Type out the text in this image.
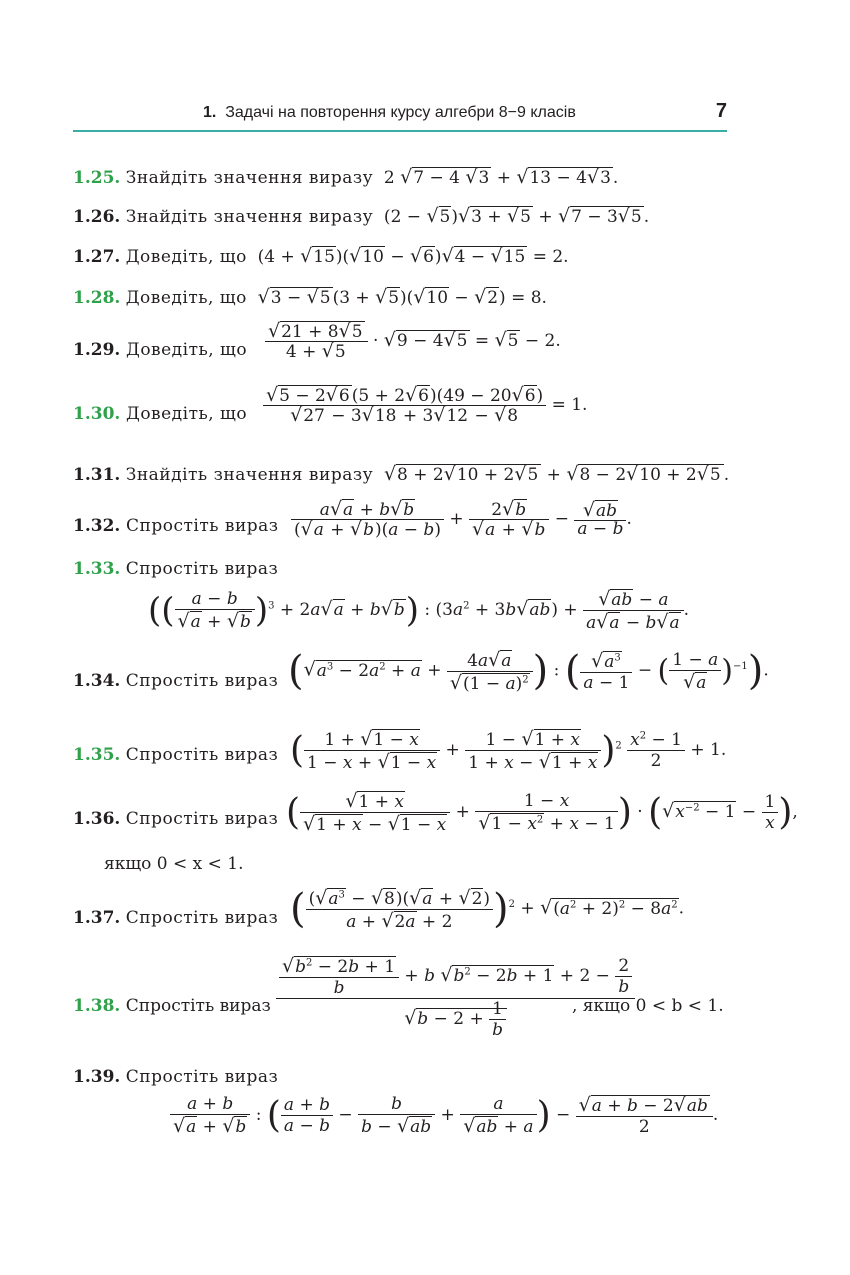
1. Задачі на повторення курсу алгебри 8−9 класів	7
1.25. Знайдіть значення виразу  2 √7 − 4 √3 + √13 − 4√3 .
1.26. Знайдіть значення виразу  (2 − √5)√3 + √5 + √7 − 3√5 .
1.27. Доведіть, що  (4 + √15)(√10 − √6)√4 − √15 = 2.
1.28. Доведіть, що √3 − √5 (3 + √5)(√10 − √2) = 8.
1.29. Доведіть, що $\frac{√21 + 8√5}{4 + √5} \cdot √9 - 4√5 = √5 - 2$.
1.30. Доведіть, що $\frac{√5 - 2√6 (5 + 2√6)(49 - 20√6)}{√27 - 3√18 + 3√12 - √8} = 1$.
1.31. Знайдіть значення виразу √8 + 2√10 + 2√5 + √8 − 2√10 + 2√5 .
1.32. Спростіть вираз $\frac{a√a + b√b}{(√a + √b)(a - b)} + \frac{2√b}{√a + √b} - \frac{√ab}{a - b}$ .
1.33. Спростіть вираз
(( $\frac{a - b}{√a + √b} )^3 + 2a√a + b√b$) : $(3a^2 + 3b√ab) + \frac{√ab - a}{a√a - b√a}$ .
1.34. Спростіть вираз ($√a^3 - 2a^2 + a + \frac{4a√a}{√(1 - a)^2}$ ) : ( $\frac{√a^3}{a - 1}$ − ( $\frac{1 - a}{√a} )^{-1}$).
1.35. Спростіть вираз ( $\frac{1 + √1 - x}{1 - x + √1 - x} + \frac{1 - √1 + x}{1 + x - √1 + x} )^2 \frac{x^2 - 1}{2} + 1$.
1.36. Спростіть вираз ( $\frac{√1 + x}{√1 + x - √1 - x} + \frac{1 - x}{√1 - x^2 + x - 1}$ ) · ($√x^{-2} - 1 - \frac{1}{x}$ ),
якщо 0 < x < 1.
1.37. Спростіть вираз ( $\frac{(√a^3 - √8)(√a + √2)}{a + √2a + 2} )^2 + √(a^2 + 2)^2 - 8a^2$.
1.38. Спростіть вираз $\frac{\frac{√b^2 - 2b + 1}{b} + b √b^2 - 2b + 1 + 2 - \frac{2}{b}}{√b - 2 + \frac{1}{b}}$
, якщо 0 < b < 1.
1.39. Спростіть вираз
$\frac{a + b}{√a + √b}$ : ( $\frac{a + b}{a - b} - \frac{b}{b - √ab} + \frac{a}{√ab + a}$ ) − $\frac{√a + b - 2√ab}{2}$ .
